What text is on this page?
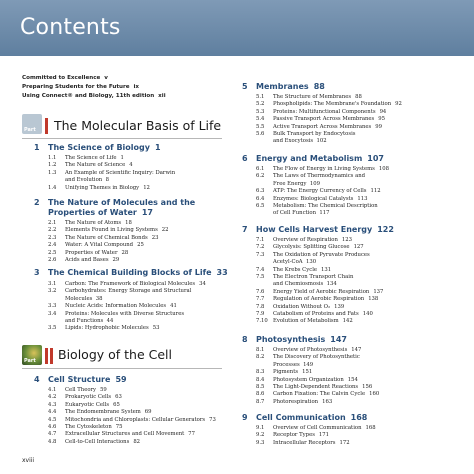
Contents
Committed to Excellence v
Preparing Students for the Future ix
Using Connect® and Biology, 11th edition xii
Part The Molecular Basis of Life
Part Biology of the Cell
1 The Science of Biology 1
1.1	The Science of Life 1
1.2	The Nature of Science 4
1.3	An Example of Scientific Inquiry: Darwin
and Evolution 8
1.4	Unifying Themes in Biology 12
2 The Nature of Molecules and the
Properties of Water 17
2.1	The Nature of Atoms 18
2.2	Elements Found in Living Systems 22
2.3	The Nature of Chemical Bonds 23
2.4	Water: A Vital Compound 25
2.5	Properties of Water 28
2.6	Acids and Bases 29
3 The Chemical Building Blocks of Life 33
3.1	Carbon: The Framework of Biological Molecules 34
3.2	Carbohydrates: Energy Storage and Structural
Molecules 38
3.3	Nucleic Acids: Information Molecules 41
3.4	Proteins: Molecules with Diverse Structures
and Functions 44
3.5	Lipids: Hydrophobic Molecules 53
4 Cell Structure 59
4.1	Cell Theory 59
4.2	Prokaryotic Cells 63
4.3	Eukaryotic Cells 65
4.4	The Endomembrane System 69
4.5	Mitochondria and Chloroplasts: Cellular Generators 73
4.6	The Cytoskeleton 75
4.7	Extracellular Structures and Cell Movement 77
4.8	Cell-to-Cell Interactions 82
5 Membranes 88
5.1	The Structure of Membranes 88
5.2	Phospholipids: The Membrane's Foundation 92
5.3	Proteins: Multifunctional Components 94
5.4	Passive Transport Across Membranes 95
5.5	Active Transport Across Membranes 99
5.6	Bulk Transport by Endocytosis
and Exocytosis 102
6 Energy and Metabolism 107
6.1	The Flow of Energy in Living Systems 108
6.2	The Laws of Thermodynamics and
Free Energy 109
6.3	ATP: The Energy Currency of Cells 112
6.4	Enzymes: Biological Catalysts 113
6.5	Metabolism: The Chemical Description
of Cell Function 117
7 How Cells Harvest Energy 122
7.1	Overview of Respiration 123
7.2	Glycolysis: Splitting Glucose 127
7.3	The Oxidation of Pyruvate Produces
Acetyl-CoA 130
7.4	The Krebs Cycle 131
7.5	The Electron Transport Chain
and Chemiosmosis 134
7.6	Energy Yield of Aerobic Respiration 137
7.7	Regulation of Aerobic Respiration 138
7.8	Oxidation Without O₂ 139
7.9	Catabolism of Proteins and Fats 140
7.10 Evolution of Metabolism 142
8 Photosynthesis 147
8.1	Overview of Photosynthesis 147
8.2	The Discovery of Photosynthetic
Processes 149
8.3	Pigments 151
8.4	Photosystem Organization 154
8.5	The Light-Dependent Reactions 156
8.6	Carbon Fixation: The Calvin Cycle 160
8.7	Photorespiration 163
9 Cell Communication 168
9.1	Overview of Cell Communication 168
9.2	Receptor Types 171
9.3	Intracellular Receptors 172
xviii
